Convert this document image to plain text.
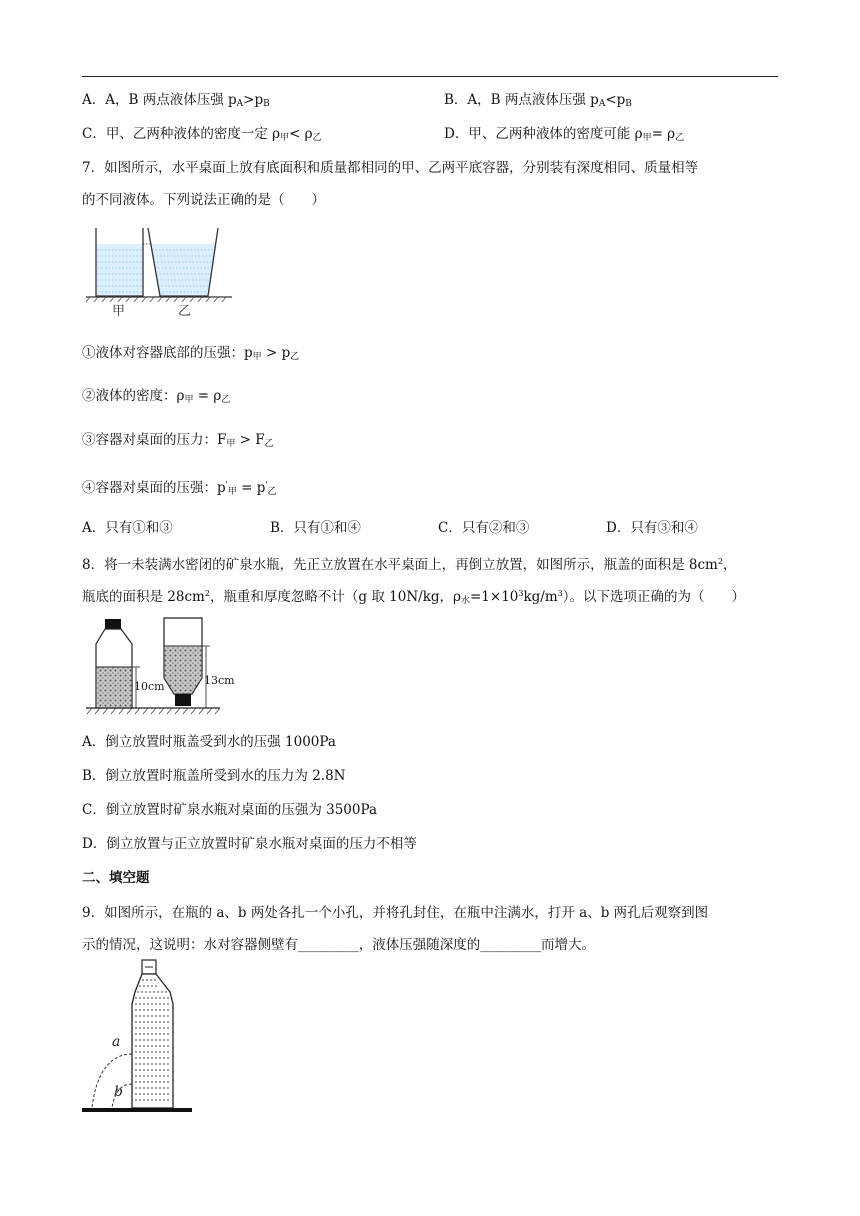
A．A，B 两点液体压强 $p_A>p_B$	B．A，B 两点液体压强 $p_A<p_B$
C．甲、乙两种液体的密度一定 $\rho_甲< \rho_乙$	D．甲、乙两种液体的密度可能 $\rho_甲= \rho_乙$
7．如图所示，水平桌面上放有底面积和质量都相同的甲、乙两平底容器，分别装有深度相同、质量相等
的不同液体。下列说法正确的是（　　）
甲	乙
①液体对容器底部的压强：$p_甲 > p_乙$
②液体的密度：$\rho_甲 = \rho_乙$
③容器对桌面的压力：$F_甲 > F_乙$
④容器对桌面的压强：$p'_甲 = p'_乙$
A．只有①和③	B．只有①和④	C．只有②和③	D．只有③和④
8．将一未装满水密闭的矿泉水瓶，先正立放置在水平桌面上，再倒立放置，如图所示，瓶盖的面积是 $8cm^2$，
瓶底的面积是 $28cm^2$，瓶重和厚度忽略不计（g 取 10N/kg，$\rho_水=1\times 10^3kg/m^3$）。以下选项正确的为（　　）
10cm	13cm
A．倒立放置时瓶盖受到水的压强 1000Pa
B．倒立放置时瓶盖所受到水的压力为 2.8N
C．倒立放置时矿泉水瓶对桌面的压强为 3500Pa
D．倒立放置与正立放置时矿泉水瓶对桌面的压力不相等
二、填空题
9．如图所示，在瓶的 a、b 两处各扎一个小孔，并将孔封住，在瓶中注满水，打开 a、b 两孔后观察到图
示的情况，这说明：水对容器侧壁有_________，液体压强随深度的_________而增大。
a
b
